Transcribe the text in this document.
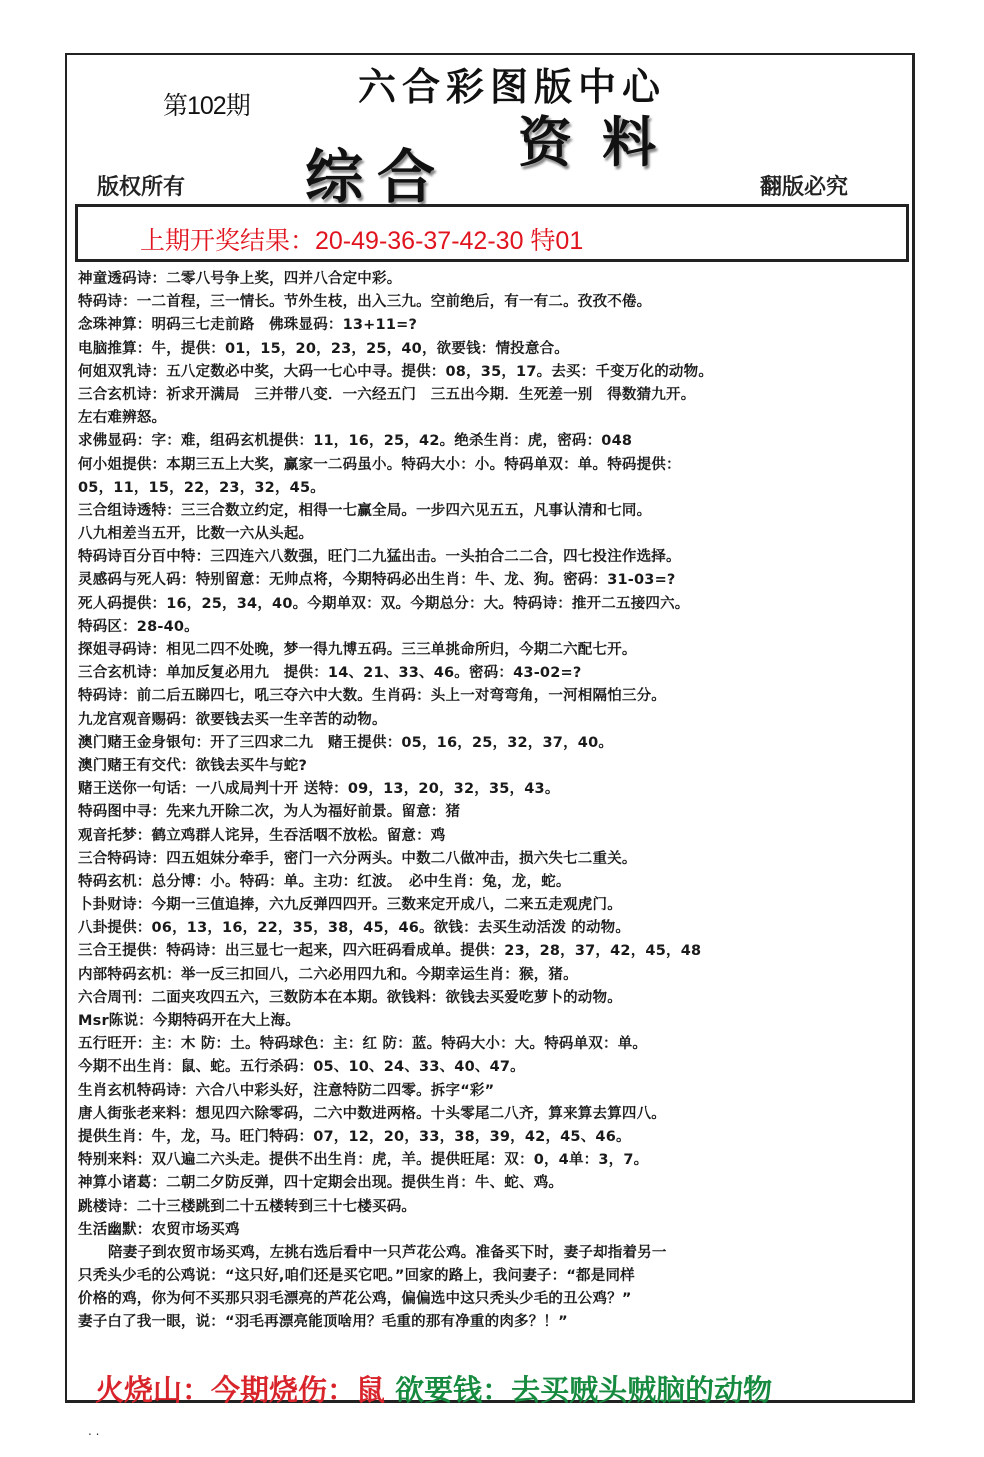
第102期	六合彩图版中心
综合
资料
版权所有	翻版必究
上期开奖结果：20-49-36-37-42-30 特01
神童透码诗：二零八号争上奖，四并八合定中彩。
特码诗：一二首程，三一情长。节外生枝，出入三九。空前绝后，有一有二。孜孜不倦。
念珠神算：明码三七走前路　佛珠显码：13+11=?
电脑推算：牛，提供：01，15，20，23，25，40，欲要钱：情投意合。
何姐双乳诗：五八定数必中奖，大码一七心中寻。提供：08，35，17。去买：千变万化的动物。
三合玄机诗：祈求开满局　三并带八变．一六经五门　三五出今期．生死差一别　得数猜九开。
左右难辨怒。
求佛显码：字：难，组码玄机提供：11，16，25，42。绝杀生肖：虎，密码：048
何小姐提供：本期三五上大奖，赢家一二码虽小。特码大小：小。特码单双：单。特码提供：
05，11，15，22，23，32，45。
三合组诗透特：三三合数立约定，相得一七赢全局。一步四六见五五，凡事认清和七同。
八九相差当五开，比数一六从头起。
特码诗百分百中特：三四连六八数强，旺门二九猛出击。一头拍合二二合，四七投注作选择。
灵感码与死人码：特别留意：无帅点将，今期特码必出生肖：牛、龙、狗。密码：31-03=?
死人码提供：16，25，34，40。今期单双：双。今期总分：大。特码诗：推开二五接四六。
特码区：28-40。
探姐寻码诗：相见二四不处晚，梦一得九博五码。三三单挑命所归，今期二六配七开。
三合玄机诗：单加反复必用九　提供：14、21、33、46。密码：43-02=?
特码诗：前二后五睇四七，吼三夺六中大数。生肖码：头上一对弯弯角，一河相隔怕三分。
九龙宫观音赐码：欲要钱去买一生辛苦的动物。
澳门赌王金身银句：开了三四求二九　赌王提供：05，16，25，32，37，40。
澳门赌王有交代：欲钱去买牛与蛇?
赌王送你一句话：一八成局判十开 送特：09，13，20，32，35，43。
特码图中寻：先来九开除二次，为人为福好前景。留意：猪
观音托梦：鹤立鸡群人诧异，生吞活咽不放松。留意：鸡
三合特码诗：四五姐妹分牵手，密门一六分两头。中数二八做冲击，损六失七二重关。
特码玄机：总分博：小。特码：单。主功：红波。　必中生肖：兔，龙，蛇。
卜卦财诗：今期一三值追捧，六九反弹四四开。三数来定开成八，二来五走观虎门。
八卦提供：06，13，16，22，35，38，45，46。欲钱：去买生动活泼 的动物。
三合王提供：特码诗：出三显七一起来，四六旺码看成单。提供：23，28，37，42，45，48
内部特码玄机：举一反三扣回八，二六必用四九和。今期幸运生肖：猴，猪。
六合周刊：二面夹攻四五六，三数防本在本期。欲钱料：欲钱去买爱吃萝卜的动物。
Msr陈说：今期特码开在大上海。
五行旺开：主：木 防：土。特码球色：主：红 防：蓝。特码大小：大。特码单双：单。
今期不出生肖：鼠、蛇。五行杀码：05、10、24、33、40、47。
生肖玄机特码诗：六合八中彩头好，注意特防二四零。拆字“彩”
唐人街张老来料：想见四六除零码，二六中数进两格。十头零尾二八齐，算来算去算四八。
提供生肖：牛，龙，马。旺门特码：07，12，20，33，38，39，42，45、46。
特别来料：双八遍二六头走。提供不出生肖：虎，羊。提供旺尾：双：0，4单：3，7。
神算小诸葛：二朝二夕防反弹，四十定期会出现。提供生肖：牛、蛇、鸡。
跳楼诗：二十三楼跳到二十五楼转到三十七楼买码。
生活幽默：农贸市场买鸡
陪妻子到农贸市场买鸡，左挑右选后看中一只芦花公鸡。准备买下时，妻子却指着另一
只秃头少毛的公鸡说：“这只好,咱们还是买它吧。”回家的路上，我问妻子：“都是同样
价格的鸡，你为何不买那只羽毛漂亮的芦花公鸡，偏偏选中这只秃头少毛的丑公鸡？”
妻子白了我一眼，说：“羽毛再漂亮能顶啥用？毛重的那有净重的肉多？！”
火烧山：今期烧伤：鼠 欲要钱：去买贼头贼脑的动物
. .
